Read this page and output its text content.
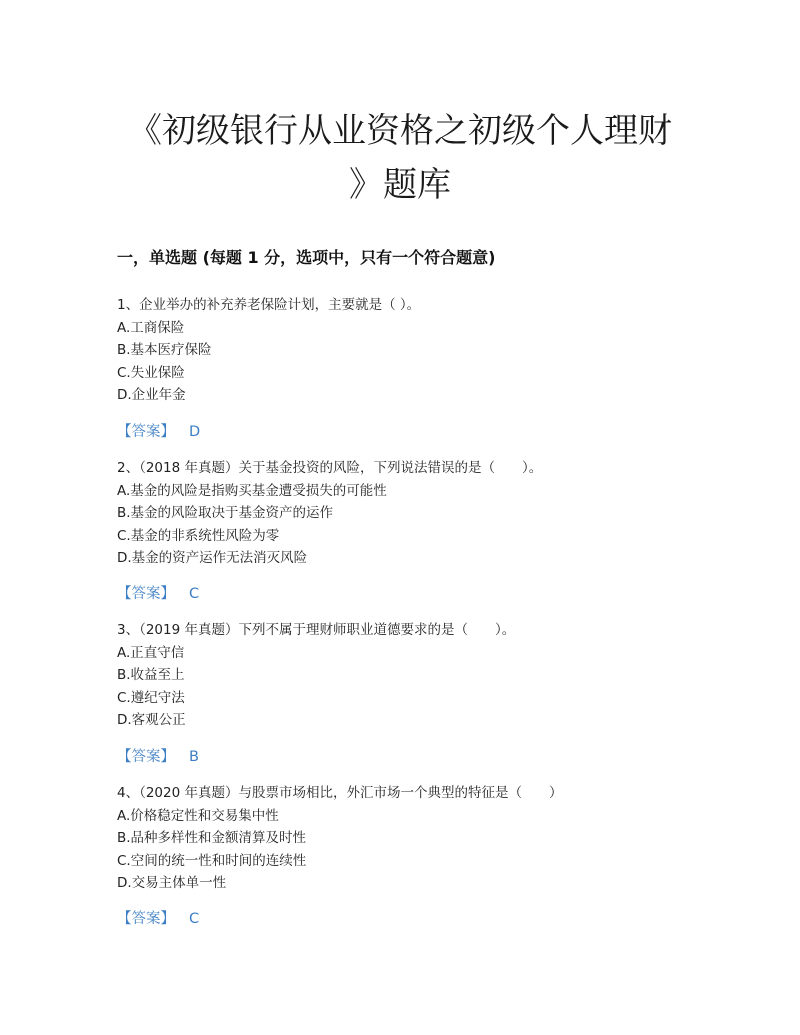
《初级银行从业资格之初级个人理财
》题库
一，单选题 (每题 1 分，选项中，只有一个符合题意)
1、企业举办的补充养老保险计划，主要就是（ ）。
A.工商保险
B.基本医疗保险
C.失业保险
D.企业年金
【答案】 D
2、（2018 年真题）关于基金投资的风险，下列说法错误的是（　　）。
A.基金的风险是指购买基金遭受损失的可能性
B.基金的风险取决于基金资产的运作
C.基金的非系统性风险为零
D.基金的资产运作无法消灭风险
【答案】 C
3、（2019 年真题）下列不属于理财师职业道德要求的是（　　）。
A.正直守信
B.收益至上
C.遵纪守法
D.客观公正
【答案】 B
4、（2020 年真题）与股票市场相比，外汇市场一个典型的特征是（　　）
A.价格稳定性和交易集中性
B.品种多样性和金额清算及时性
C.空间的统一性和时间的连续性
D.交易主体单一性
【答案】 C
